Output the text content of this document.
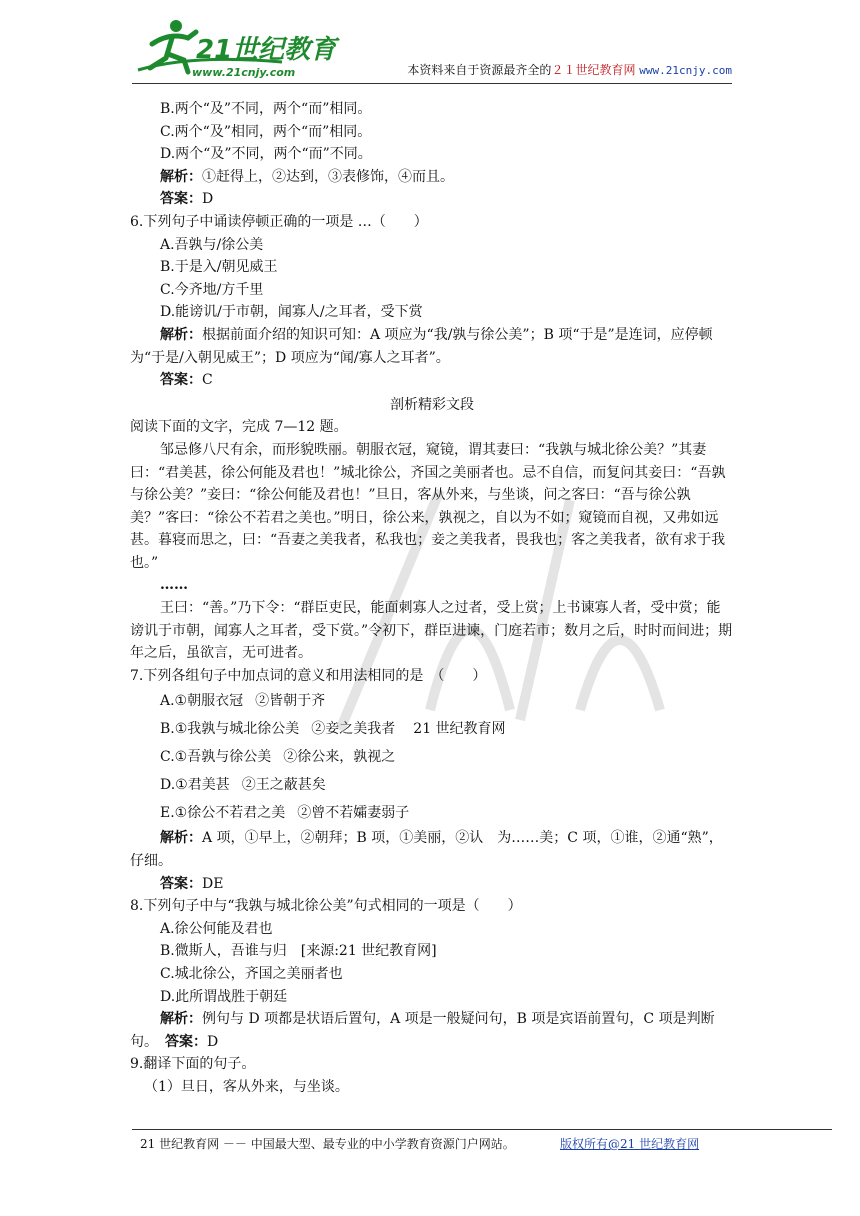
21世纪教育
www.21cnjy.com	本资料来自于资源最齐全的２１世纪教育网 www.21cnjy.com

B.两个“及”不同，两个“而”相同。

C.两个“及”相同，两个“而”相同。

D.两个“及”不同，两个“而”不同。

解析：①赶得上，②达到，③表修饰，④而且。

答案：D

6.下列句子中诵读停顿正确的一项是 …（　　）

A.吾孰与/徐公美

B.于是入/朝见威王

C.今齐地/方千里

D.能谤讥/于市朝，闻寡人/之耳者，受下赏

解析：根据前面介绍的知识可知：A 项应为“我/孰与徐公美”；B 项“于是”是连词，应停顿为“于是/入朝见威王”；D 项应为“闻/寡人之耳者”。

答案：C

剖析精彩文段

阅读下面的文字，完成 7—12 题。

邹忌修八尺有余，而形貌昳丽。朝服衣冠，窥镜，谓其妻曰：“我孰与城北徐公美？”其妻曰：“君美甚，徐公何能及君也！”城北徐公，齐国之美丽者也。忌不自信，而复问其妾曰：“吾孰与徐公美？”妾曰：“徐公何能及君也！”旦日，客从外来，与坐谈，问之客曰：“吾与徐公孰美？”客曰：“徐公不若君之美也。”明日，徐公来，孰视之，自以为不如；窥镜而自视，又弗如远甚。暮寝而思之，曰：“吾妻之美我者，私我也；妾之美我者，畏我也；客之美我者，欲有求于我也。”

……

王曰：“善。”乃下令：“群臣吏民，能面刺寡人之过者，受上赏；上书谏寡人者，受中赏；能谤讥于市朝，闻寡人之耳者，受下赏。”令初下，群臣进谏，门庭若市；数月之后，时时而间进；期年之后，虽欲言，无可进者。

7.下列各组句子中加点词的意义和用法相同的是　（　　）

A.①朝服衣冠 ②皆朝于齐

B.①我孰与城北徐公美 ②妾之美我者 21 世纪教育网

C.①吾孰与徐公美 ②徐公来，孰视之

D.①君美甚 ②王之蔽甚矣

E.①徐公不若君之美 ②曾不若孀妻弱子

解析：A 项，①早上，②朝拜；B 项，①美丽，②认　为……美；C 项，①谁，②通“熟”，仔细。

答案：DE

8.下列句子中与“我孰与城北徐公美”句式相同的一项是（　　）

A.徐公何能及君也

B.微斯人，吾谁与归　[来源:21 世纪教育网]

C.城北徐公，齐国之美丽者也

D.此所谓战胜于朝廷

解析：例句与 D 项都是状语后置句，A 项是一般疑问句，B 项是宾语前置句，C 项是判断句。　 答案：D

9.翻译下面的句子。

（1）旦日，客从外来，与坐谈。

21 世纪教育网 －－ 中国最大型、最专业的中小学教育资源门户网站。	版权所有@21 世纪教育网
